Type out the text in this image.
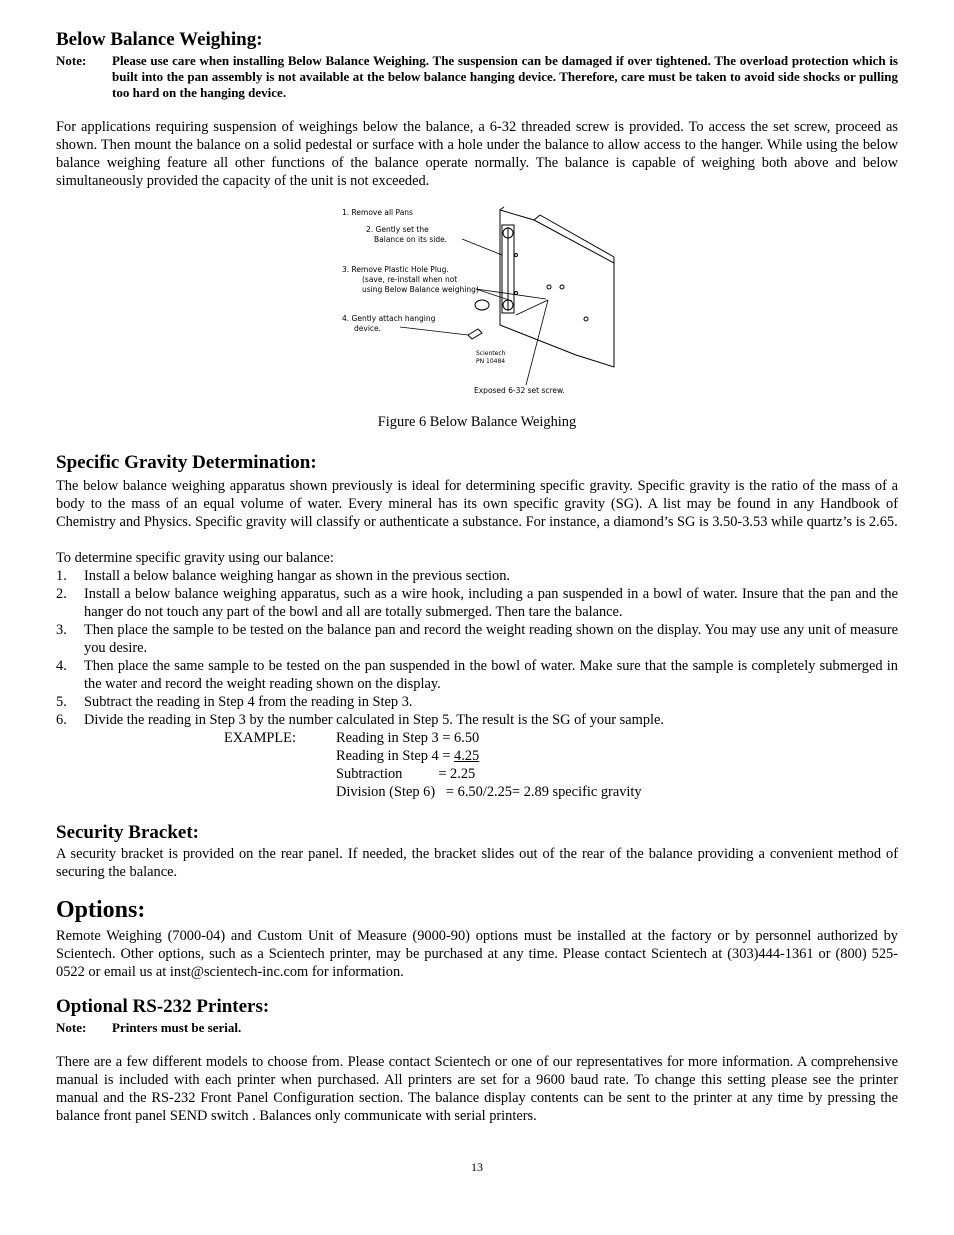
Below Balance Weighing:
Note:	Please use care when installing Below Balance Weighing. The suspension can be damaged if over tightened. The overload protection which is built into the pan assembly is not available at the below balance hanging device. Therefore, care must be taken to avoid side shocks or pulling too hard on the hanging device.

For applications requiring suspension of weighings below the balance, a 6-32 threaded screw is provided. To access the set screw, proceed as shown. Then mount the balance on a solid pedestal or surface with a hole under the balance to allow access to the hanger. While using the below balance weighing feature all other functions of the balance operate normally. The balance is capable of weighing both above and below simultaneously provided the capacity of the unit is not exceeded.

1. Remove all Pans
2. Gently set the
Balance on its side.
3. Remove Plastic Hole Plug.
(save, re-install when not
using Below Balance weighing)
4. Gently attach hanging
device.
Scientech
PN 10484
Exposed 6-32 set screw.
Figure 6 Below Balance Weighing
Specific Gravity Determination:

The below balance weighing apparatus shown previously is ideal for determining specific gravity. Specific gravity is the ratio of the mass of a body to the mass of an equal volume of water. Every mineral has its own specific gravity (SG). A list may be found in any Handbook of Chemistry and Physics. Specific gravity will classify or authenticate a substance. For instance, a diamond’s SG is 3.50-3.53 while quartz’s is 2.65.

To determine specific gravity using our balance:

1.	Install a below balance weighing hangar as shown in the previous section.
2.	Install a below balance weighing apparatus, such as a wire hook, including a pan suspended in a bowl of water. Insure that the pan and the hanger do not touch any part of the bowl and all are totally submerged. Then tare the balance.
3.	Then place the sample to be tested on the balance pan and record the weight reading shown on the display. You may use any unit of measure you desire.
4.	Then place the same sample to be tested on the pan suspended in the bowl of water. Make sure that the sample is completely submerged in the water and record the weight reading shown on the display.
5.	Subtract the reading in Step 4 from the reading in Step 3.
6.	Divide the reading in Step 3 by the number calculated in Step 5. The result is the SG of your sample.
EXAMPLE:	Reading in Step 3 = 6.50
Reading in Step 4 = 4.25
Subtraction          = 2.25
Division (Step 6)   = 6.50/2.25= 2.89 specific gravity
Security Bracket:

A security bracket is provided on the rear panel. If needed, the bracket slides out of the rear of the balance providing a convenient method of securing the balance.

Options:

Remote Weighing (7000-04) and Custom Unit of Measure (9000-90) options must be installed at the factory or by personnel authorized by Scientech. Other options, such as a Scientech printer, may be purchased at any time. Please contact Scientech at (303)444-1361 or (800) 525-0522 or email us at inst@scientech-inc.com for information.

Optional RS-232 Printers:
Note:	Printers must be serial.

There are a few different models to choose from. Please contact Scientech or one of our representatives for more information. A comprehensive manual is included with each printer when purchased. All printers are set for a 9600 baud rate. To change this setting please see the printer manual and the RS-232 Front Panel Configuration section. The balance display contents can be sent to the printer at any time by pressing the balance front panel SEND switch . Balances only communicate with serial printers.

13
